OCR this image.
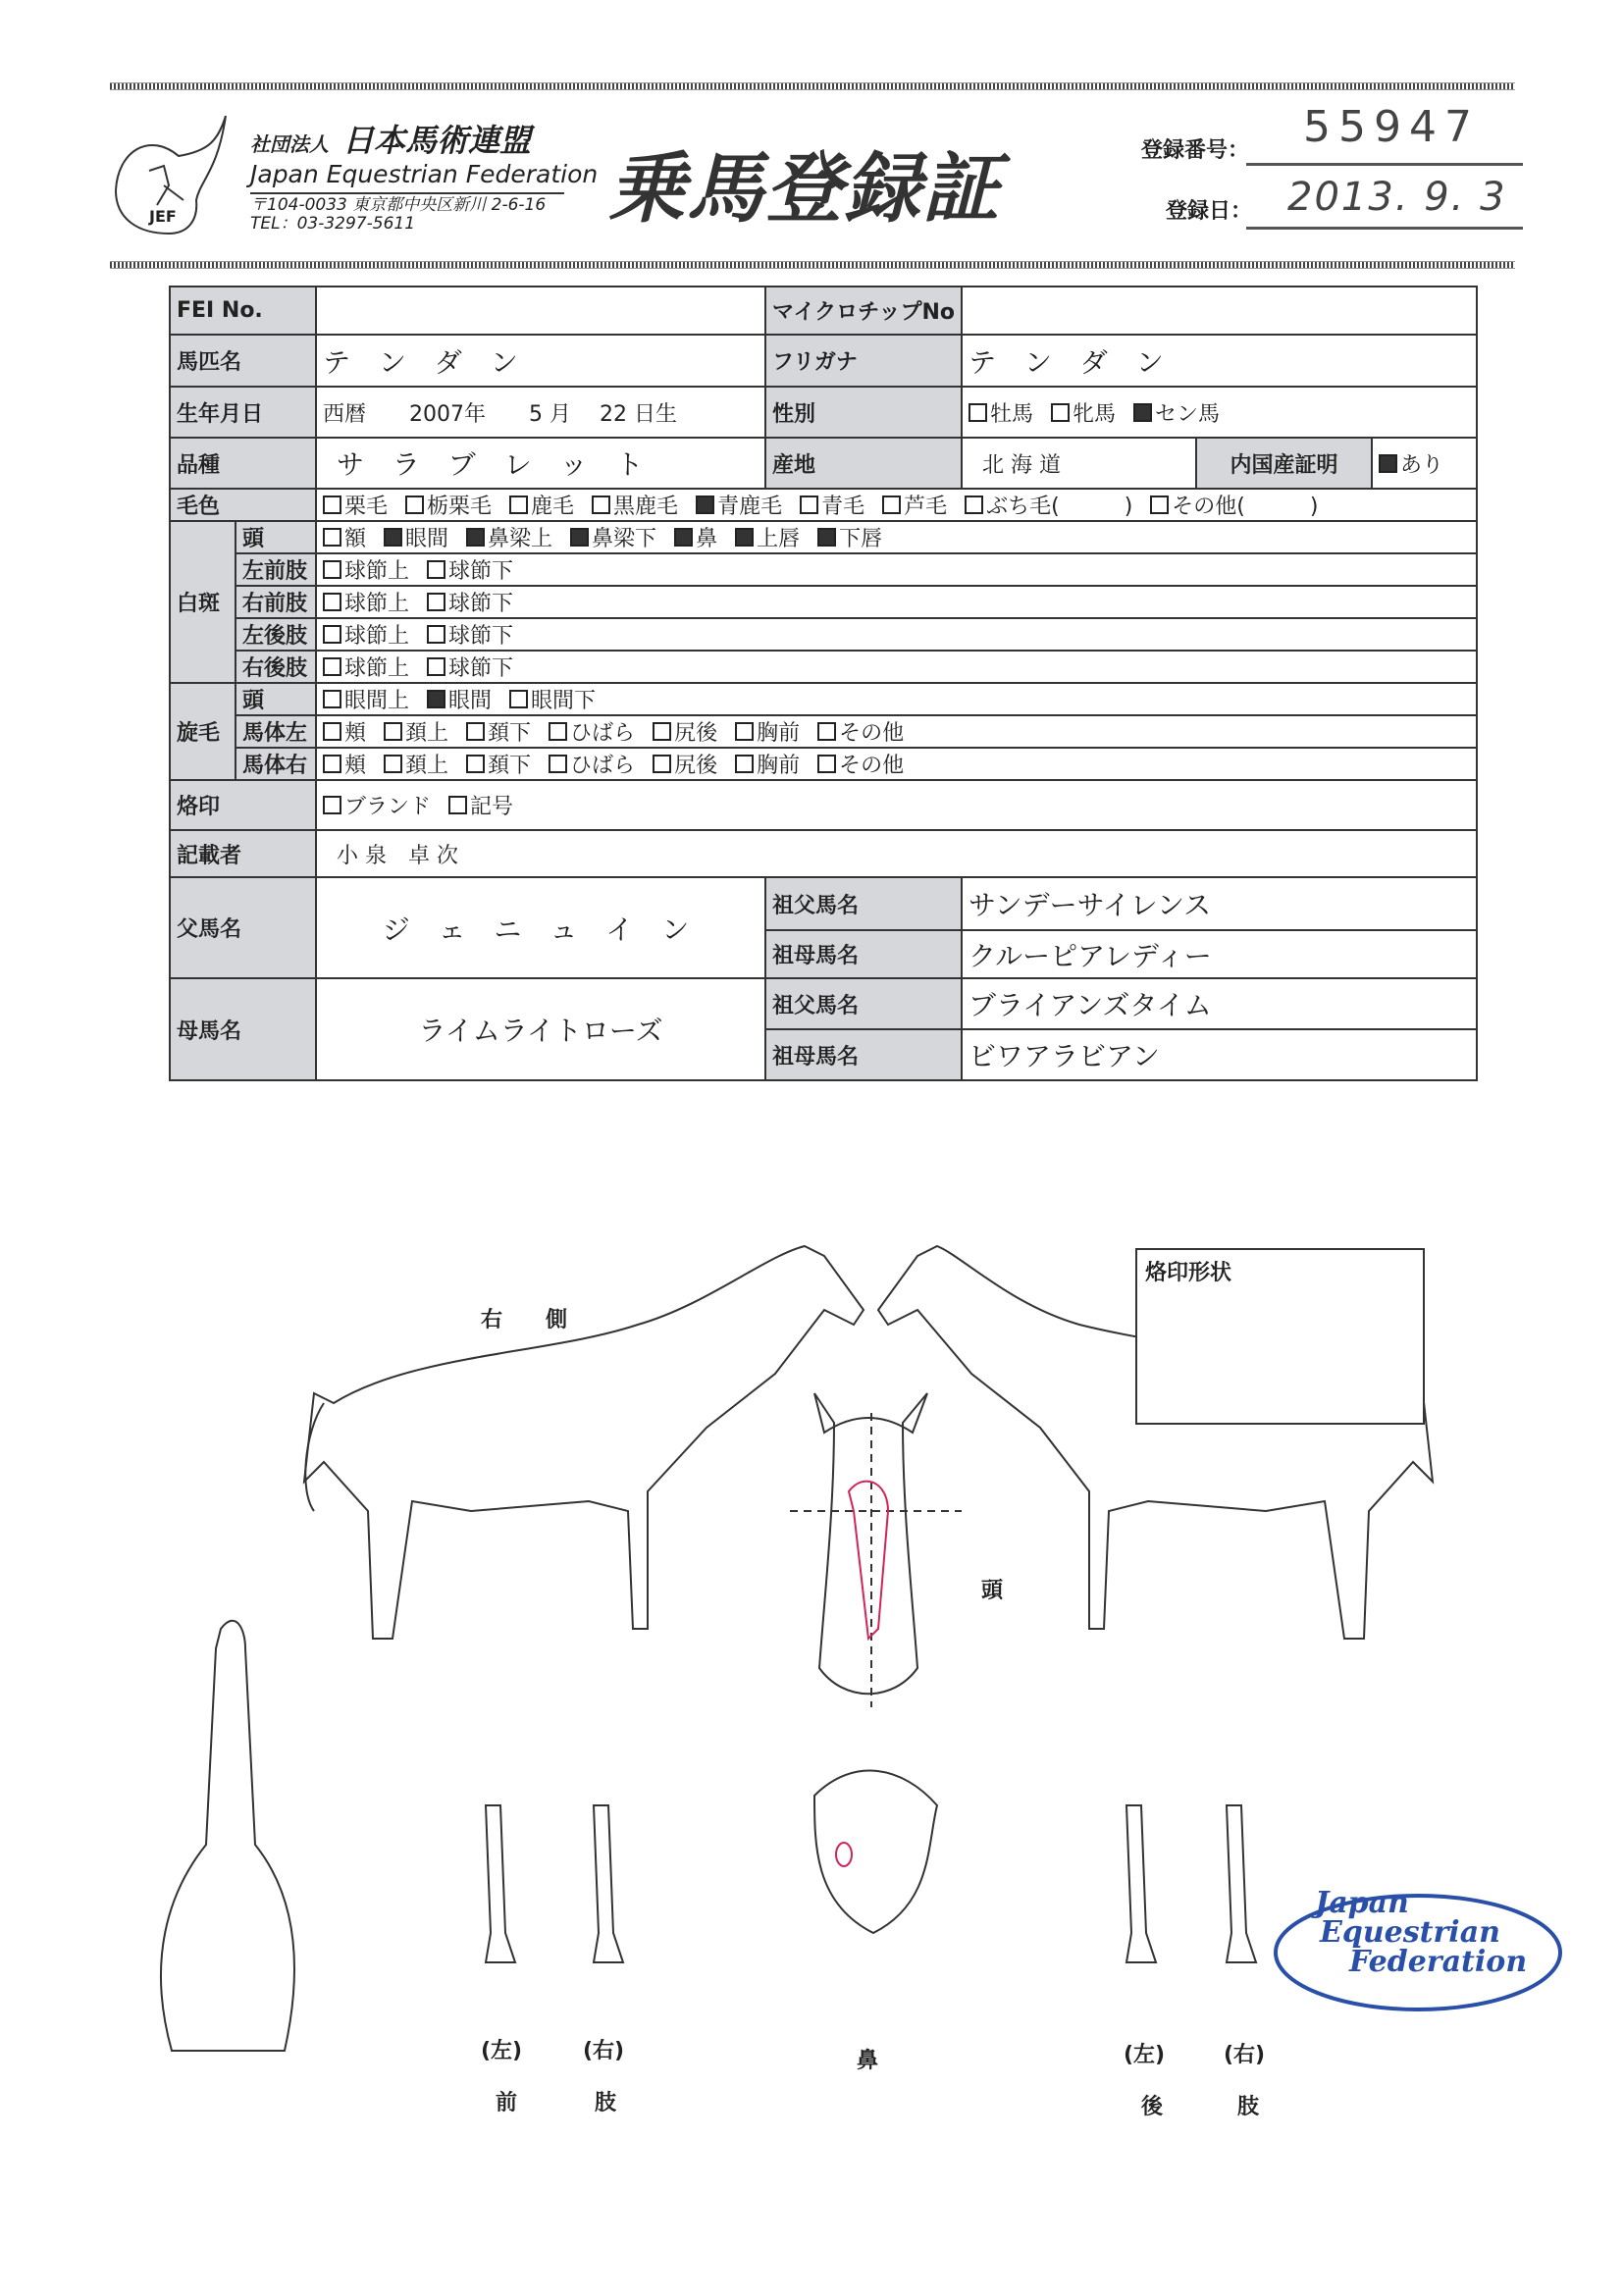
JEF
社団法人 日本馬術連盟
Japan Equestrian Federation
〒104-0033 東京都中央区新川 2-6-16
TEL：03-3297-5611	乗馬登録証	登録番号： 55947
登録日： 2013. 9. 3
FEI No.			マイクロチップNo			
馬匹名		テ ン ダ ン	フリガナ	テ ン ダ ン		
生年月日		西暦　　2007年　　5 月　 22 日生	性別	牡馬 牝馬 セン馬		
品種		サ ラ ブ レ ッ ト	産地	北 海 道	内国産証明	あり
毛色		栗毛 栃栗毛 鹿毛 黒鹿毛 青鹿毛 青毛 芦毛 ぶち毛(　　　) その他(　　　)				
白斑	頭	額 眼間 鼻梁上 鼻梁下 鼻 上唇 下唇				
	左前肢	球節上 球節下				
	右前肢	球節上 球節下				
	左後肢	球節上 球節下				
	右後肢	球節上 球節下				
旋毛	頭	眼間上 眼間 眼間下				
	馬体左	頬 頚上 頚下 ひばら 尻後 胸前 その他				
	馬体右	頬 頚上 頚下 ひばら 尻後 胸前 その他				
烙印		ブランド 記号				
記載者		小 泉　卓 次				
父馬名		ジ ェ ニ ュ イ ン	祖父馬名	サンデーサイレンス		
			祖母馬名	クルーピアレディー		
母馬名		ライムライトローズ	祖父馬名	ブライアンズタイム		
			祖母馬名	ビワアラビアン		
烙印形状
右　　側
頭
(左)	(右)
前	肢
鼻	(左)	(右)
後	肢
Japan
Equestrian
Federation
